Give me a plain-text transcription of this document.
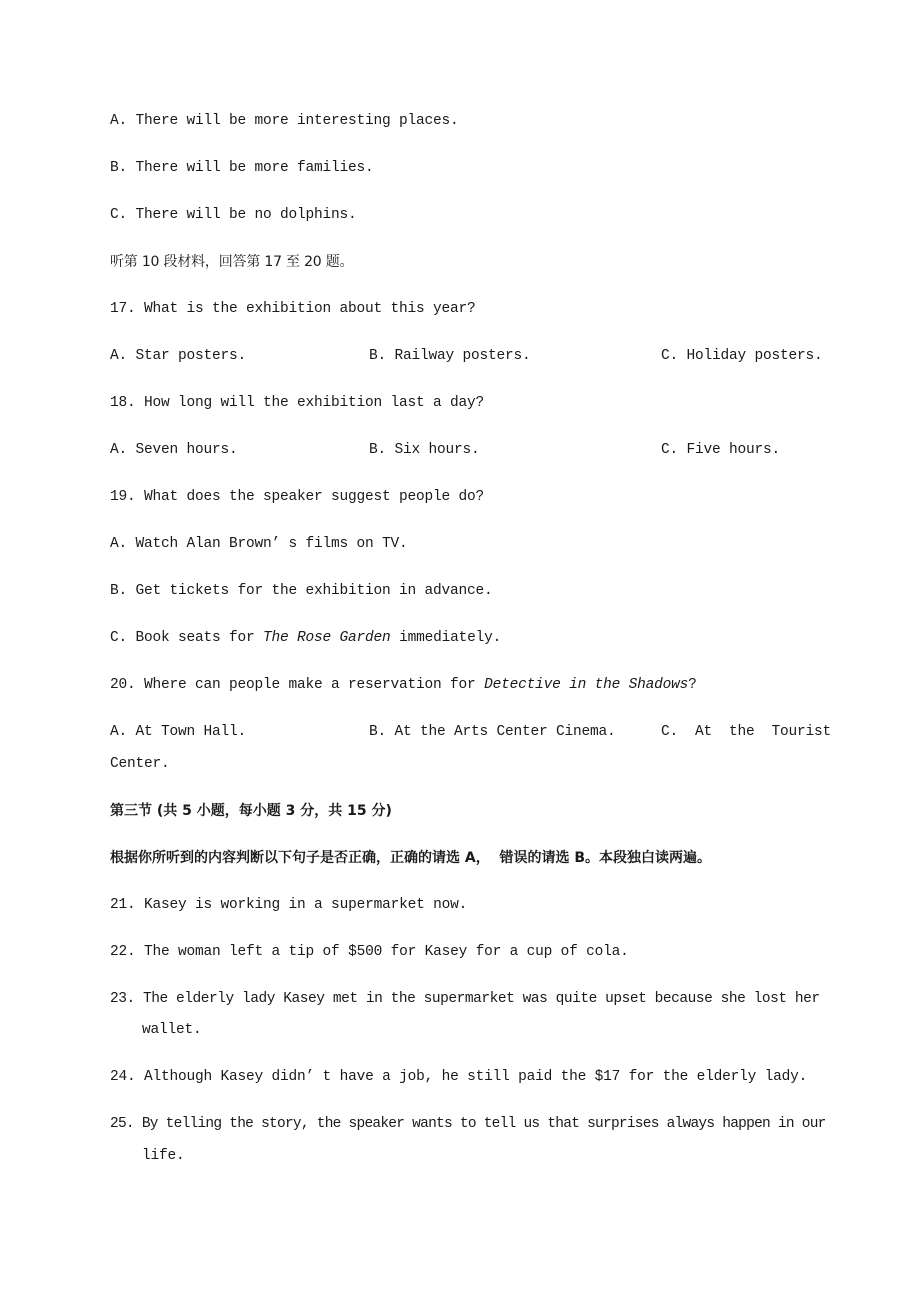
A. There will be more interesting places.
B. There will be more families.
C. There will be no dolphins.
听第 10 段材料，回答第 17 至 20 题。
17. What is the exhibition about this year?
A. Star posters.	B. Railway posters.	C. Holiday posters.
18. How long will the exhibition last a day?
A. Seven hours.	B. Six hours.	C. Five hours.
19. What does the speaker suggest people do?
A. Watch Alan Brown’ s films on TV.
B. Get tickets for the exhibition in advance.
C. Book seats for The Rose Garden immediately.
20. Where can people make a reservation for Detective in the Shadows?
A. At Town Hall.	B. At the Arts Center Cinema.	C.  At  the  Tourist
Center.
第三节 (共 5 小题，每小题 3 分，共 15 分)
根据你所听到的内容判断以下句子是否正确，正确的请选 A，  错误的请选 B。本段独白读两遍。
21. Kasey is working in a supermarket now.
22. The woman left a tip of $500 for Kasey for a cup of cola.
23. The elderly lady Kasey met in the supermarket was quite upset because she lost her
wallet.
24. Although Kasey didn’ t have a job, he still paid the $17 for the elderly lady.
25. By telling the story, the speaker wants to tell us that surprises always happen in our
life.
